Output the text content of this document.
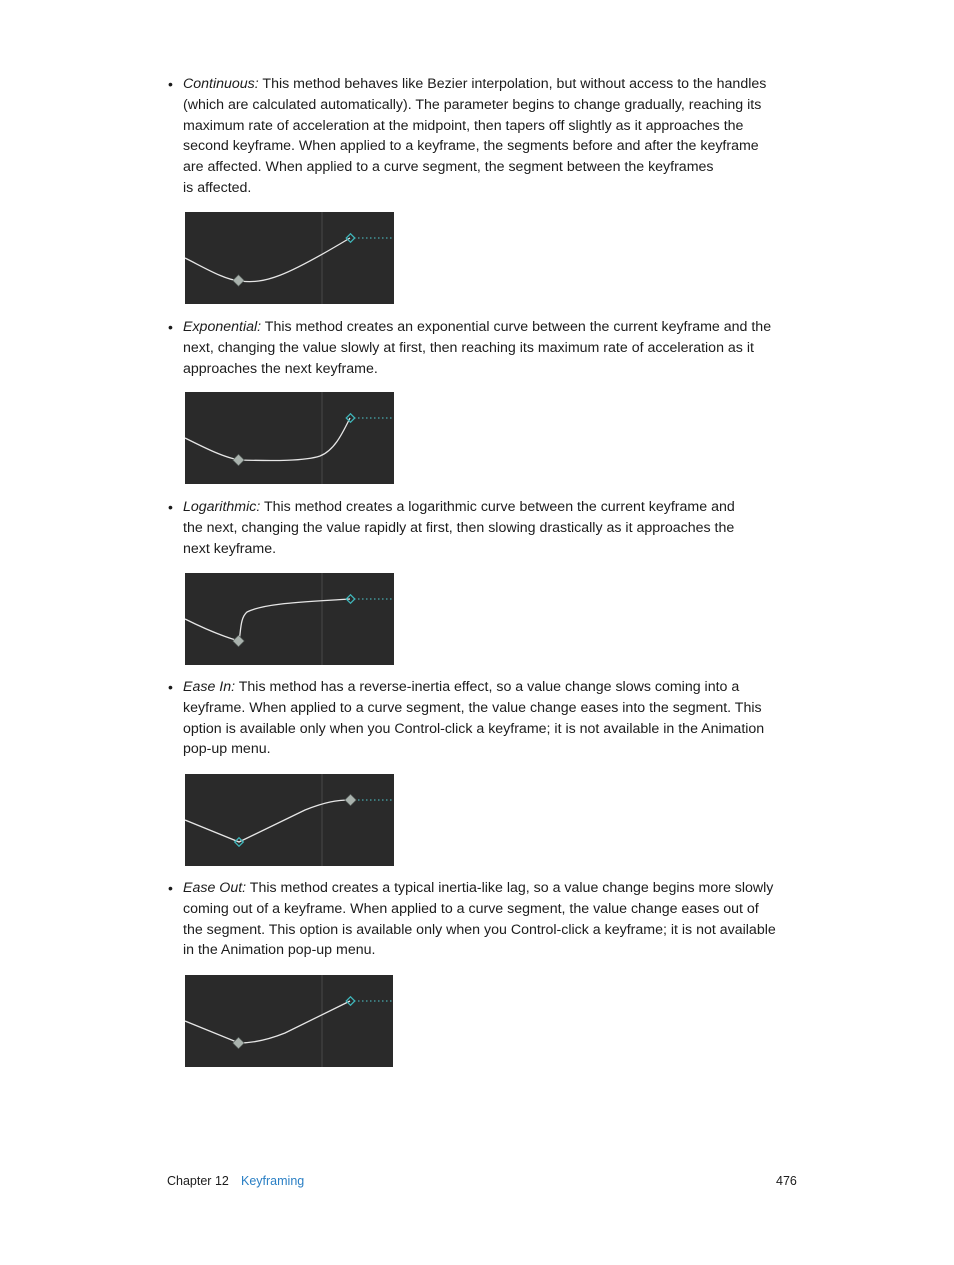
• Continuous: This method behaves like Bezier interpolation, but without access to the handles
(which are calculated automatically). The parameter begins to change gradually, reaching its
maximum rate of acceleration at the midpoint, then tapers off slightly as it approaches the
second keyframe. When applied to a keyframe, the segments before and after the keyframe
are affected. When applied to a curve segment, the segment between the keyframes
is affected.
• Exponential: This method creates an exponential curve between the current keyframe and the
next, changing the value slowly at first, then reaching its maximum rate of acceleration as it
approaches the next keyframe.
• Logarithmic: This method creates a logarithmic curve between the current keyframe and
the next, changing the value rapidly at first, then slowing drastically as it approaches the
next keyframe.
• Ease In: This method has a reverse-inertia effect, so a value change slows coming into a
keyframe. When applied to a curve segment, the value change eases into the segment. This
option is available only when you Control-click a keyframe; it is not available in the Animation
pop-up menu.
• Ease Out: This method creates a typical inertia-like lag, so a value change begins more slowly
coming out of a keyframe. When applied to a curve segment, the value change eases out of
the segment. This option is available only when you Control-click a keyframe; it is not available
in the Animation pop-up menu.
Chapter 12 Keyframing	476
